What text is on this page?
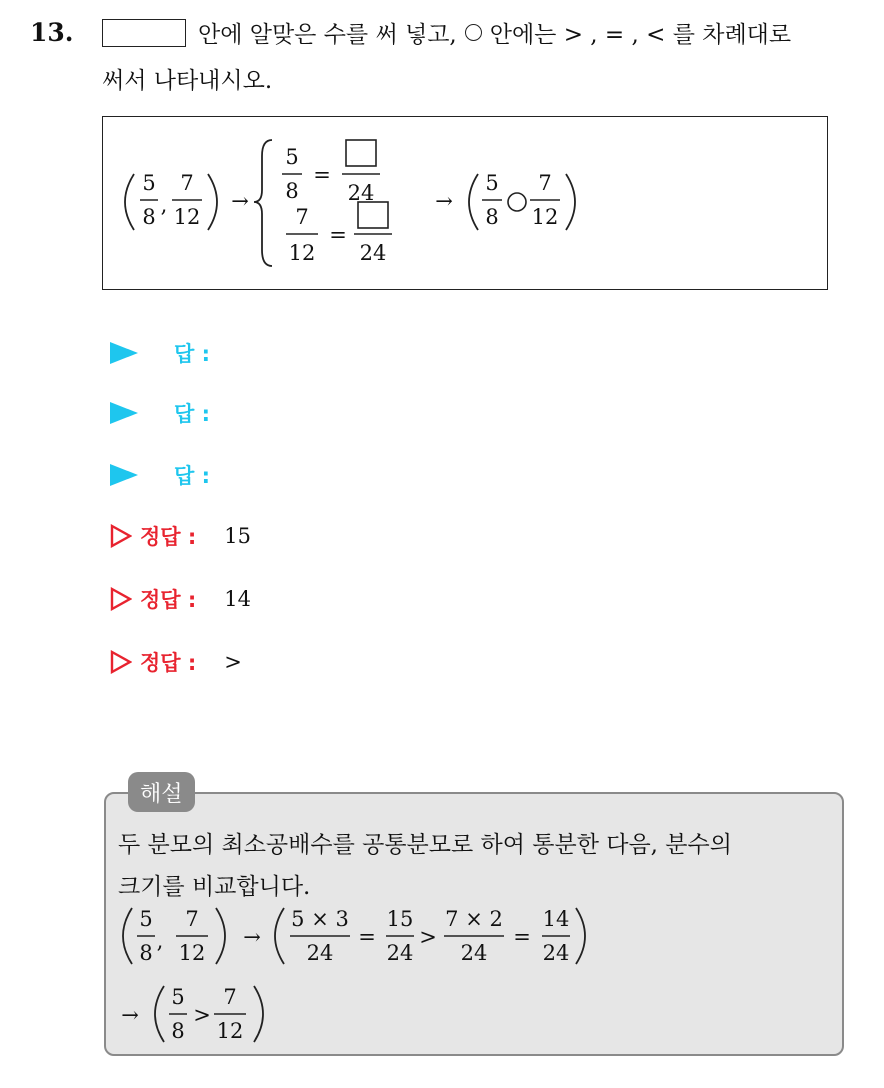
13.	안에 알맞은 수를 써 넣고, 안에는 > , = , < 를 차례대로
써서 나타내시오.
5
8 ,
7
12
→
5
8
=
24
7
12
=
24
→
5
8
7
12
답 :
답 :
답 :
정답 : 15
정답 : 14
정답 : >
해설
두 분모의 최소공배수를 공통분모로 하여 통분한 다음, 분수의
크기를 비교합니다.
5
8 ,
7
12
→
5 × 3
24
=
15
24
>
7 × 2
24
=
14
24
→
5
8
>
7
12
